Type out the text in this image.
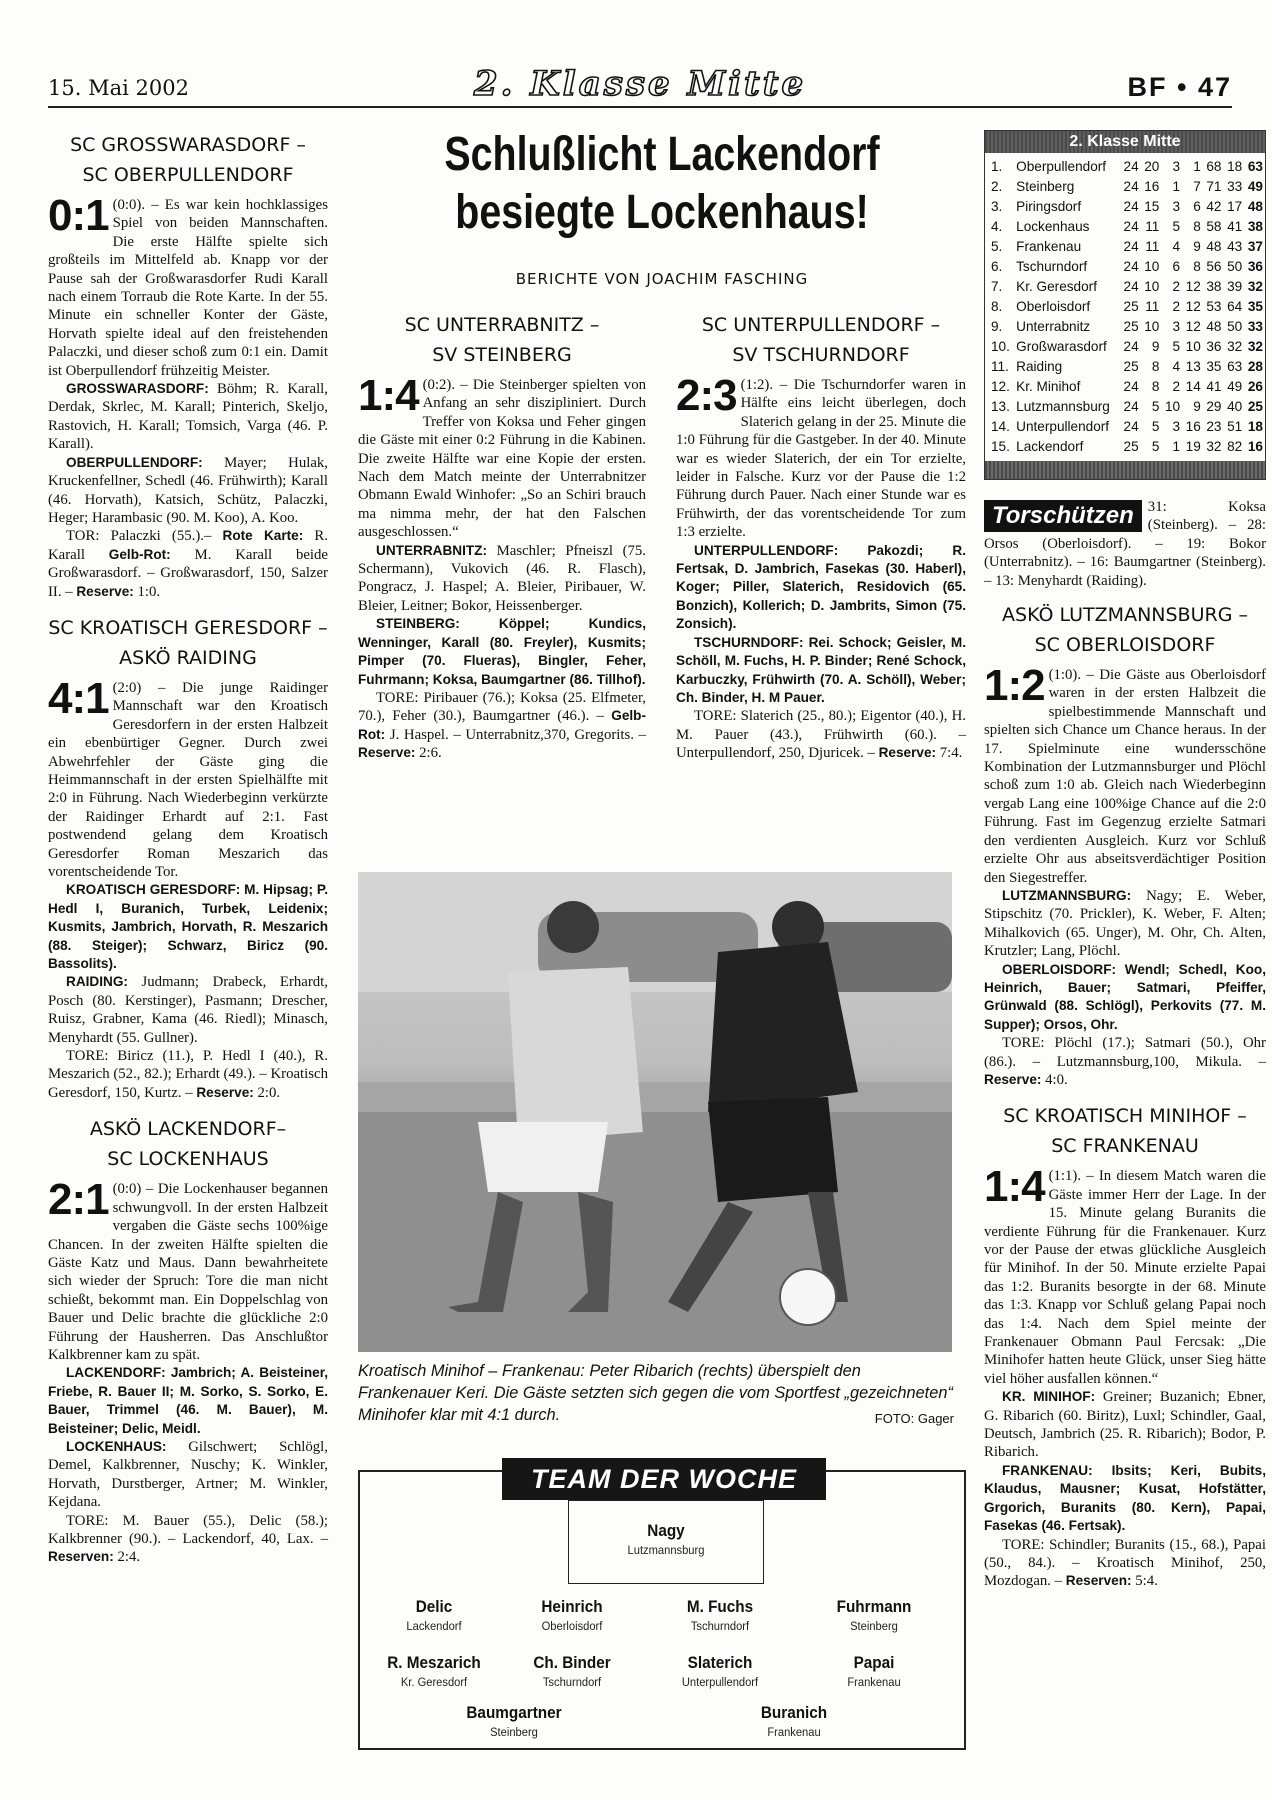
15. Mai 2002	2. Klasse Mitte	BF • 47
SC GROSSWARASDORF –
SC OBERPULLENDORF

0:1 (0:0). – Es war kein hochklassiges Spiel von beiden Mannschaften. Die erste Hälfte spielte sich großteils im Mittelfeld ab. Knapp vor der Pause sah der Großwarasdorfer Rudi Karall nach einem Torraub die Rote Karte. In der 55. Minute ein schneller Konter der Gäste, Horvath spielte ideal auf den freistehenden Palaczki, und dieser schoß zum 0:1 ein. Damit ist Oberpullendorf frühzeitig Meister.

GROSSWARASDORF: Böhm; R. Karall, Derdak, Skrlec, M. Karall; Pinterich, Skeljo, Rastovich, H. Karall; Tomsich, Varga (46. P. Karall).

OBERPULLENDORF: Mayer; Hulak, Kruckenfellner, Schedl (46. Frühwirth); Karall (46. Horvath), Katsich, Schütz, Palaczki, Heger; Harambasic (90. M. Koo), A. Koo.

TOR: Palaczki (55.).– Rote Karte: R. Karall Gelb-Rot: M. Karall beide Großwarasdorf. – Großwarasdorf, 150, Salzer II. – Reserve: 1:0.

SC KROATISCH GERESDORF –
ASKÖ RAIDING

4:1 (2:0) – Die junge Raidinger Mannschaft war den Kroatisch Geresdorfern in der ersten Halbzeit ein ebenbürtiger Gegner. Durch zwei Abwehrfehler der Gäste ging die Heimmannschaft in der ersten Spielhälfte mit 2:0 in Führung. Nach Wiederbeginn verkürzte der Raidinger Erhardt auf 2:1. Fast postwendend gelang dem Kroatisch Geresdorfer Roman Meszarich das vorentscheidende Tor.

KROATISCH GERESDORF: M. Hipsag; P. Hedl I, Buranich, Turbek, Leidenix; Kusmits, Jambrich, Horvath, R. Meszarich (88. Steiger); Schwarz, Biricz (90. Bassolits).

RAIDING: Judmann; Drabeck, Erhardt, Posch (80. Kerstinger), Pasmann; Drescher, Ruisz, Grabner, Kama (46. Riedl); Minasch, Menyhardt (55. Gullner).

TORE: Biricz (11.), P. Hedl I (40.), R. Meszarich (52., 82.); Erhardt (49.). – Kroatisch Geresdorf, 150, Kurtz. – Reserve: 2:0.

ASKÖ LACKENDORF–
SC LOCKENHAUS

2:1 (0:0) – Die Lockenhauser begannen schwungvoll. In der ersten Halbzeit vergaben die Gäste sechs 100%ige Chancen. In der zweiten Hälfte spielten die Gäste Katz und Maus. Dann bewahrheitete sich wieder der Spruch: Tore die man nicht schießt, bekommt man. Ein Doppelschlag von Bauer und Delic brachte die glückliche 2:0 Führung der Hausherren. Das Anschlußtor Kalkbrenner kam zu spät.

LACKENDORF: Jambrich; A. Beisteiner, Friebe, R. Bauer II; M. Sorko, S. Sorko, E. Bauer, Trimmel (46. M. Bauer), M. Beisteiner; Delic, Meidl.

LOCKENHAUS: Gilschwert; Schlögl, Demel, Kalkbrenner, Nuschy; K. Winkler, Horvath, Durstberger, Artner; M. Winkler, Kejdana.

TORE: M. Bauer (55.), Delic (58.); Kalkbrenner (90.). – Lackendorf, 40, Lax. – Reserven: 2:4.

Schlußlicht Lackendorf besiegte Lockenhaus!
BERICHTE VON JOACHIM FASCHING
SC UNTERRABNITZ –
SV STEINBERG

1:4 (0:2). – Die Steinberger spielten von Anfang an sehr diszipliniert. Durch Treffer von Koksa und Feher gingen die Gäste mit einer 0:2 Führung in die Kabinen. Die zweite Hälfte war eine Kopie der ersten. Nach dem Match meinte der Unterrabnitzer Obmann Ewald Winhofer: „So an Schiri brauch ma nimma mehr, der hat den Falschen ausgeschlossen.“

UNTERRABNITZ: Maschler; Pfneiszl (75. Schermann), Vukovich (46. R. Flasch), Pongracz, J. Haspel; A. Bleier, Piribauer, W. Bleier, Leitner; Bokor, Heissenberger.

STEINBERG:	Köppel; Kundics, Wenninger, Karall (80. Freyler), Kusmits; Pimper (70. Flueras), Bingler, Feher, Fuhrmann; Koksa, Baumgartner (86. Tillhof).

TORE: Piribauer (76.); Koksa (25. Elfmeter, 70.), Feher (30.), Baumgartner (46.). – Gelb-Rot: J. Haspel. – Unterrabnitz,370, Gregorits. – Reserve: 2:6.

SC UNTERPULLENDORF –
SV TSCHURNDORF

2:3 (1:2). – Die Tschurndorfer waren in Hälfte eins leicht überlegen, doch Slaterich gelang in der 25. Minute die 1:0 Führung für die Gastgeber. In der 40. Minute war es wieder Slaterich, der ein Tor erzielte, leider in Falsche. Kurz vor der Pause die 1:2 Führung durch Pauer. Nach einer Stunde war es Frühwirth, der das vorentscheidende Tor zum 1:3 erzielte.

UNTERPULLENDORF: Pakozdi; R. Fertsak, D. Jambrich, Fasekas (30. Haberl), Koger; Piller, Slaterich, Residovich (65. Bonzich), Kollerich; D. Jambrits, Simon (75. Zonsich).

TSCHURNDORF: Rei. Schock; Geisler, M. Schöll, M. Fuchs, H. P. Binder; René Schock, Karbuczky, Frühwirth (70. A. Schöll), Weber; Ch. Binder, H. M Pauer.

TORE: Slaterich (25., 80.); Eigentor (40.), H. M. Pauer (43.), Frühwirth (60.). – Unterpullendorf, 250, Djuricek. – Reserve: 7:4.

Kroatisch Minihof – Frankenau: Peter Ribarich (rechts) überspielt den Frankenauer Keri. Die Gäste setzten sich gegen die vom Sportfest „gezeichneten“ Minihofer klar mit 4:1 durch.	FOTO: Gager
TEAM DER WOCHE
Nagy
Lutzmannsburg
Delic
Lackendorf
Heinrich
Oberloisdorf
M. Fuchs
Tschurndorf
Fuhrmann
Steinberg
R. Meszarich
Kr. Geresdorf
Ch. Binder
Tschurndorf
Slaterich
Unterpullendorf
Papai
Frankenau
Baumgartner
Steinberg
Buranich
Frankenau
2. Klasse Mitte
1.	Oberpullendorf	24	20	3	1	68	18	63
2.	Steinberg	24	16	1	7	71	33	49
3.	Piringsdorf	24	15	3	6	42	17	48
4.	Lockenhaus	24	11	5	8	58	41	38
5.	Frankenau	24	11	4	9	48	43	37
6.	Tschurndorf	24	10	6	8	56	50	36
7.	Kr. Geresdorf	24	10	2	12	38	39	32
8.	Oberloisdorf	25	11	2	12	53	64	35
9.	Unterrabnitz	25	10	3	12	48	50	33
10.	Großwarasdorf	24	9	5	10	36	32	32
11.	Raiding	25	8	4	13	35	63	28
12.	Kr. Minihof	24	8	2	14	41	49	26
13.	Lutzmannsburg	24	5	10	9	29	40	25
14.	Unterpullendorf	24	5	3	16	23	51	18
15.	Lackendorf	25	5	1	19	32	82	16

Torschützen 31: Koksa (Steinberg). – 28: Orsos (Oberloisdorf). – 19: Bokor (Unterrabnitz). – 16: Baumgartner (Steinberg). – 13: Menyhardt (Raiding).

ASKÖ LUTZMANNSBURG –
SC OBERLOISDORF

1:2 (1:0). – Die Gäste aus Oberloisdorf waren in der ersten Halbzeit die spielbestimmende Mannschaft und spielten sich Chance um Chance heraus. In der 17. Spielminute eine wundersschöne Kombination der Lutzmannsburger und Plöchl schoß zum 1:0 ab. Gleich nach Wiederbeginn vergab Lang eine 100%ige Chance auf die 2:0 Führung. Fast im Gegenzug erzielte Satmari den verdienten Ausgleich. Kurz vor Schluß erzielte Ohr aus abseitsverdächtiger Position den Siegestreffer.

LUTZMANNSBURG: Nagy; E. Weber, Stipschitz (70. Prickler), K. Weber, F. Alten; Mihalkovich (65. Unger), M. Ohr, Ch. Alten, Krutzler; Lang, Plöchl.

OBERLOISDORF: Wendl; Schedl, Koo, Heinrich, Bauer; Satmari, Pfeiffer, Grünwald (88. Schlögl), Perkovits (77. M. Supper); Orsos, Ohr.

TORE: Plöchl (17.); Satmari (50.), Ohr (86.). – Lutzmannsburg,100, Mikula. – Reserve: 4:0.

SC KROATISCH MINIHOF –
SC FRANKENAU

1:4 (1:1). – In diesem Match waren die Gäste immer Herr der Lage. In der 15. Minute gelang Buranits die verdiente Führung für die Frankenauer. Kurz vor der Pause der etwas glückliche Ausgleich für Minihof. In der 50. Minute erzielte Papai das 1:2. Buranits besorgte in der 68. Minute das 1:3. Knapp vor Schluß gelang Papai noch das 1:4. Nach dem Spiel meinte der Frankenauer Obmann Paul Fercsak: „Die Minihofer hatten heute Glück, unser Sieg hätte viel höher ausfallen können.“

KR. MINIHOF: Greiner; Buzanich; Ebner, G. Ribarich (60. Biritz), Luxl; Schindler, Gaal, Deutsch, Jambrich (25. R. Ribarich); Bodor, P. Ribarich.

FRANKENAU: Ibsits; Keri, Bubits, Klaudus, Mausner; Kusat, Hofstätter, Grgorich, Buranits (80. Kern), Papai, Fasekas (46. Fertsak).

TORE: Schindler; Buranits (15., 68.), Papai (50., 84.). – Kroatisch Minihof, 250, Mozdogan. – Reserven: 5:4.
